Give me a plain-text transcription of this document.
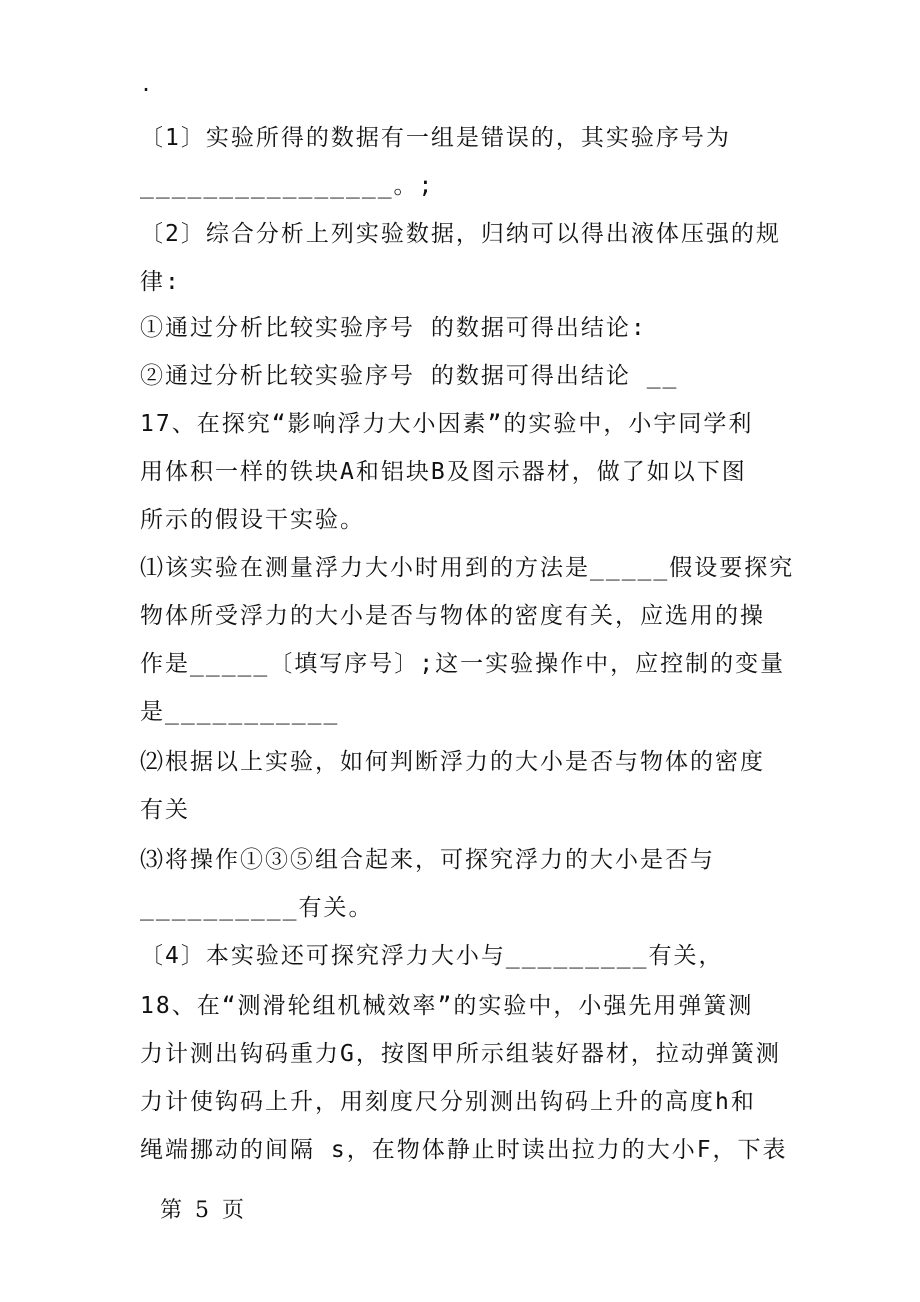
.
〔1〕实验所得的数据有一组是错误的，其实验序号为
________________。;
〔2〕综合分析上列实验数据，归纳可以得出液体压强的规
律:
①通过分析比较实验序号 的数据可得出结论:
②通过分析比较实验序号 的数据可得出结论 __
17、在探究“影响浮力大小因素”的实验中，小宇同学利
用体积一样的铁块A和铝块B及图示器材，做了如以下图
所示的假设干实验。
⑴该实验在测量浮力大小时用到的方法是_____假设要探究
物体所受浮力的大小是否与物体的密度有关，应选用的操
作是_____〔填写序号〕;这一实验操作中，应控制的变量
是___________
⑵根据以上实验，如何判断浮力的大小是否与物体的密度
有关
⑶将操作①③⑤组合起来，可探究浮力的大小是否与
__________有关。
〔4〕本实验还可探究浮力大小与_________有关，
18、在“测滑轮组机械效率”的实验中，小强先用弹簧测
力计测出钩码重力G，按图甲所示组装好器材，拉动弹簧测
力计使钩码上升，用刻度尺分别测出钩码上升的高度h和
绳端挪动的间隔 s，在物体静止时读出拉力的大小F，下表
第 5 页
